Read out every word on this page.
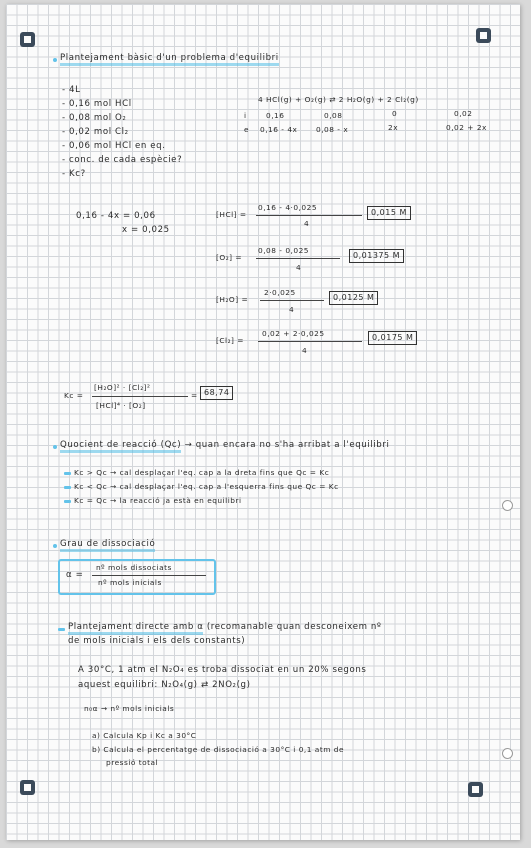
Plantejament bàsic d'un problema d'equilibri
- 4L
- 0,16 mol HCl
- 0,08 mol O₂
- 0,02 mol Cl₂
- 0,06 mol HCl en eq.
- conc. de cada espècie?
- Kc?
4 HCl(g) + O₂(g) ⇄ 2 H₂O(g) + 2 Cl₂(g)
i	0,16	0,08	0	0,02
e 0,16 - 4x	0,08 - x	2x	0,02 + 2x
0,16 - 4x = 0,06
x = 0,025
[HCl] =
0,16 - 4·0,025
4
0,015 M
[O₂] =
0,08 - 0,025
4
0,01375 M
[H₂O] =
2·0,025
4
0,0125 M
[Cl₂] =
0,02 + 2·0,025
4
0,0175 M
Kc =
[H₂O]² · [Cl₂]²
[HCl]⁴ · [O₂]
= 68,74
Quocient de reacció (Qc) → quan encara no s'ha arribat a l'equilibri
Kc > Qc → cal desplaçar l'eq. cap a la dreta fins que Qc = Kc
Kc < Qc → cal desplaçar l'eq. cap a l'esquerra fins que Qc = Kc
Kc = Qc → la reacció ja està en equilibri
Grau de dissociació
α =
nº mols dissociats
nº mols inicials
Plantejament directe amb α (recomanable quan desconeixem nº
de mols inicials i els dels constants)
A 30°C, 1 atm el N₂O₄ es troba dissociat en un 20% segons
aquest equilibri: N₂O₄(g) ⇄ 2NO₂(g)
n₀α → nº mols inicials
a) Calcula Kp i Kc a 30°C
b) Calcula el percentatge de dissociació a 30°C i 0,1 atm de
pressió total
